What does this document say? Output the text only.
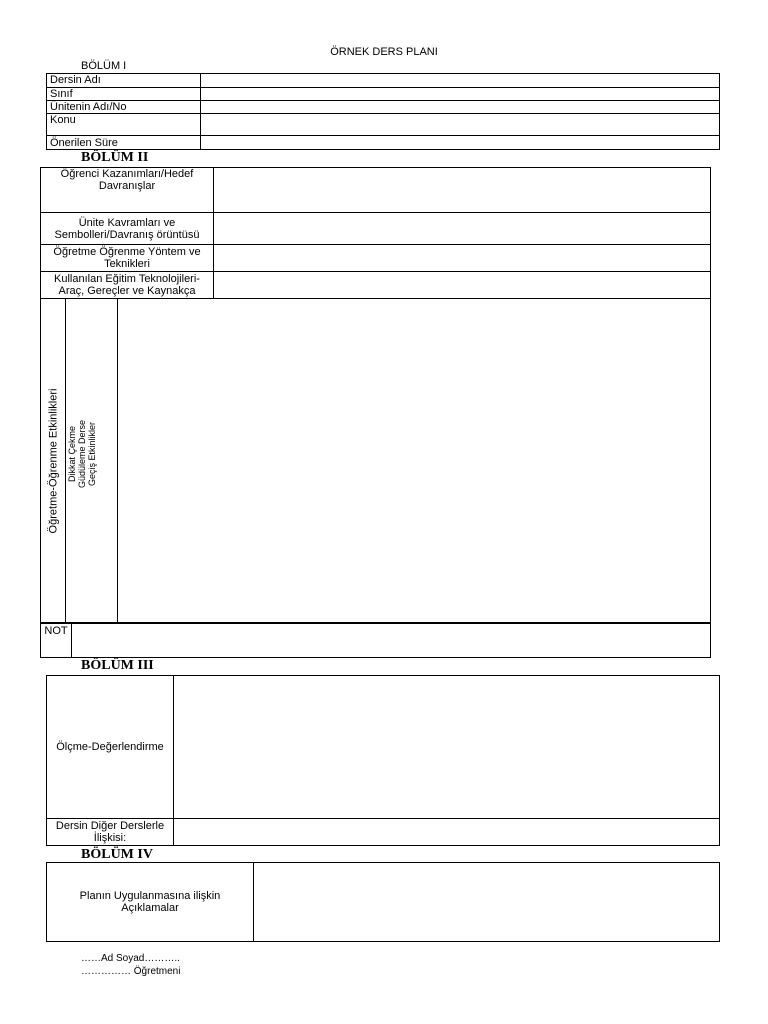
ÖRNEK DERS PLANI
BÖLÜM I
Dersin Adı	
Sınıf	
Ünitenin Adı/No	
Konu	
Önerilen Süre	
BÖLÜM II
Öğrenci Kazanımları/Hedef Davranışlar	
Ünite Kavramları ve Sembolleri/Davranış örüntüsü	
Öğretme Öğrenme Yöntem ve Teknikleri	
Kullanılan Eğitim Teknolojileri-Araç, Gereçler ve Kaynakça	
Öğretme-Öğrenme Etkinlikleri	Dikkat Çekme Güdüleme Derse Geçiş Etkinlikler

NOT	
BÖLÜM III
Ölçme-Değerlendirme	
Dersin Diğer Derslerle İlişkisi:	
BÖLÜM IV
Planın Uygulanmasına ilişkin Açıklamalar	
……Ad Soyad………..
…………… Öğretmeni
